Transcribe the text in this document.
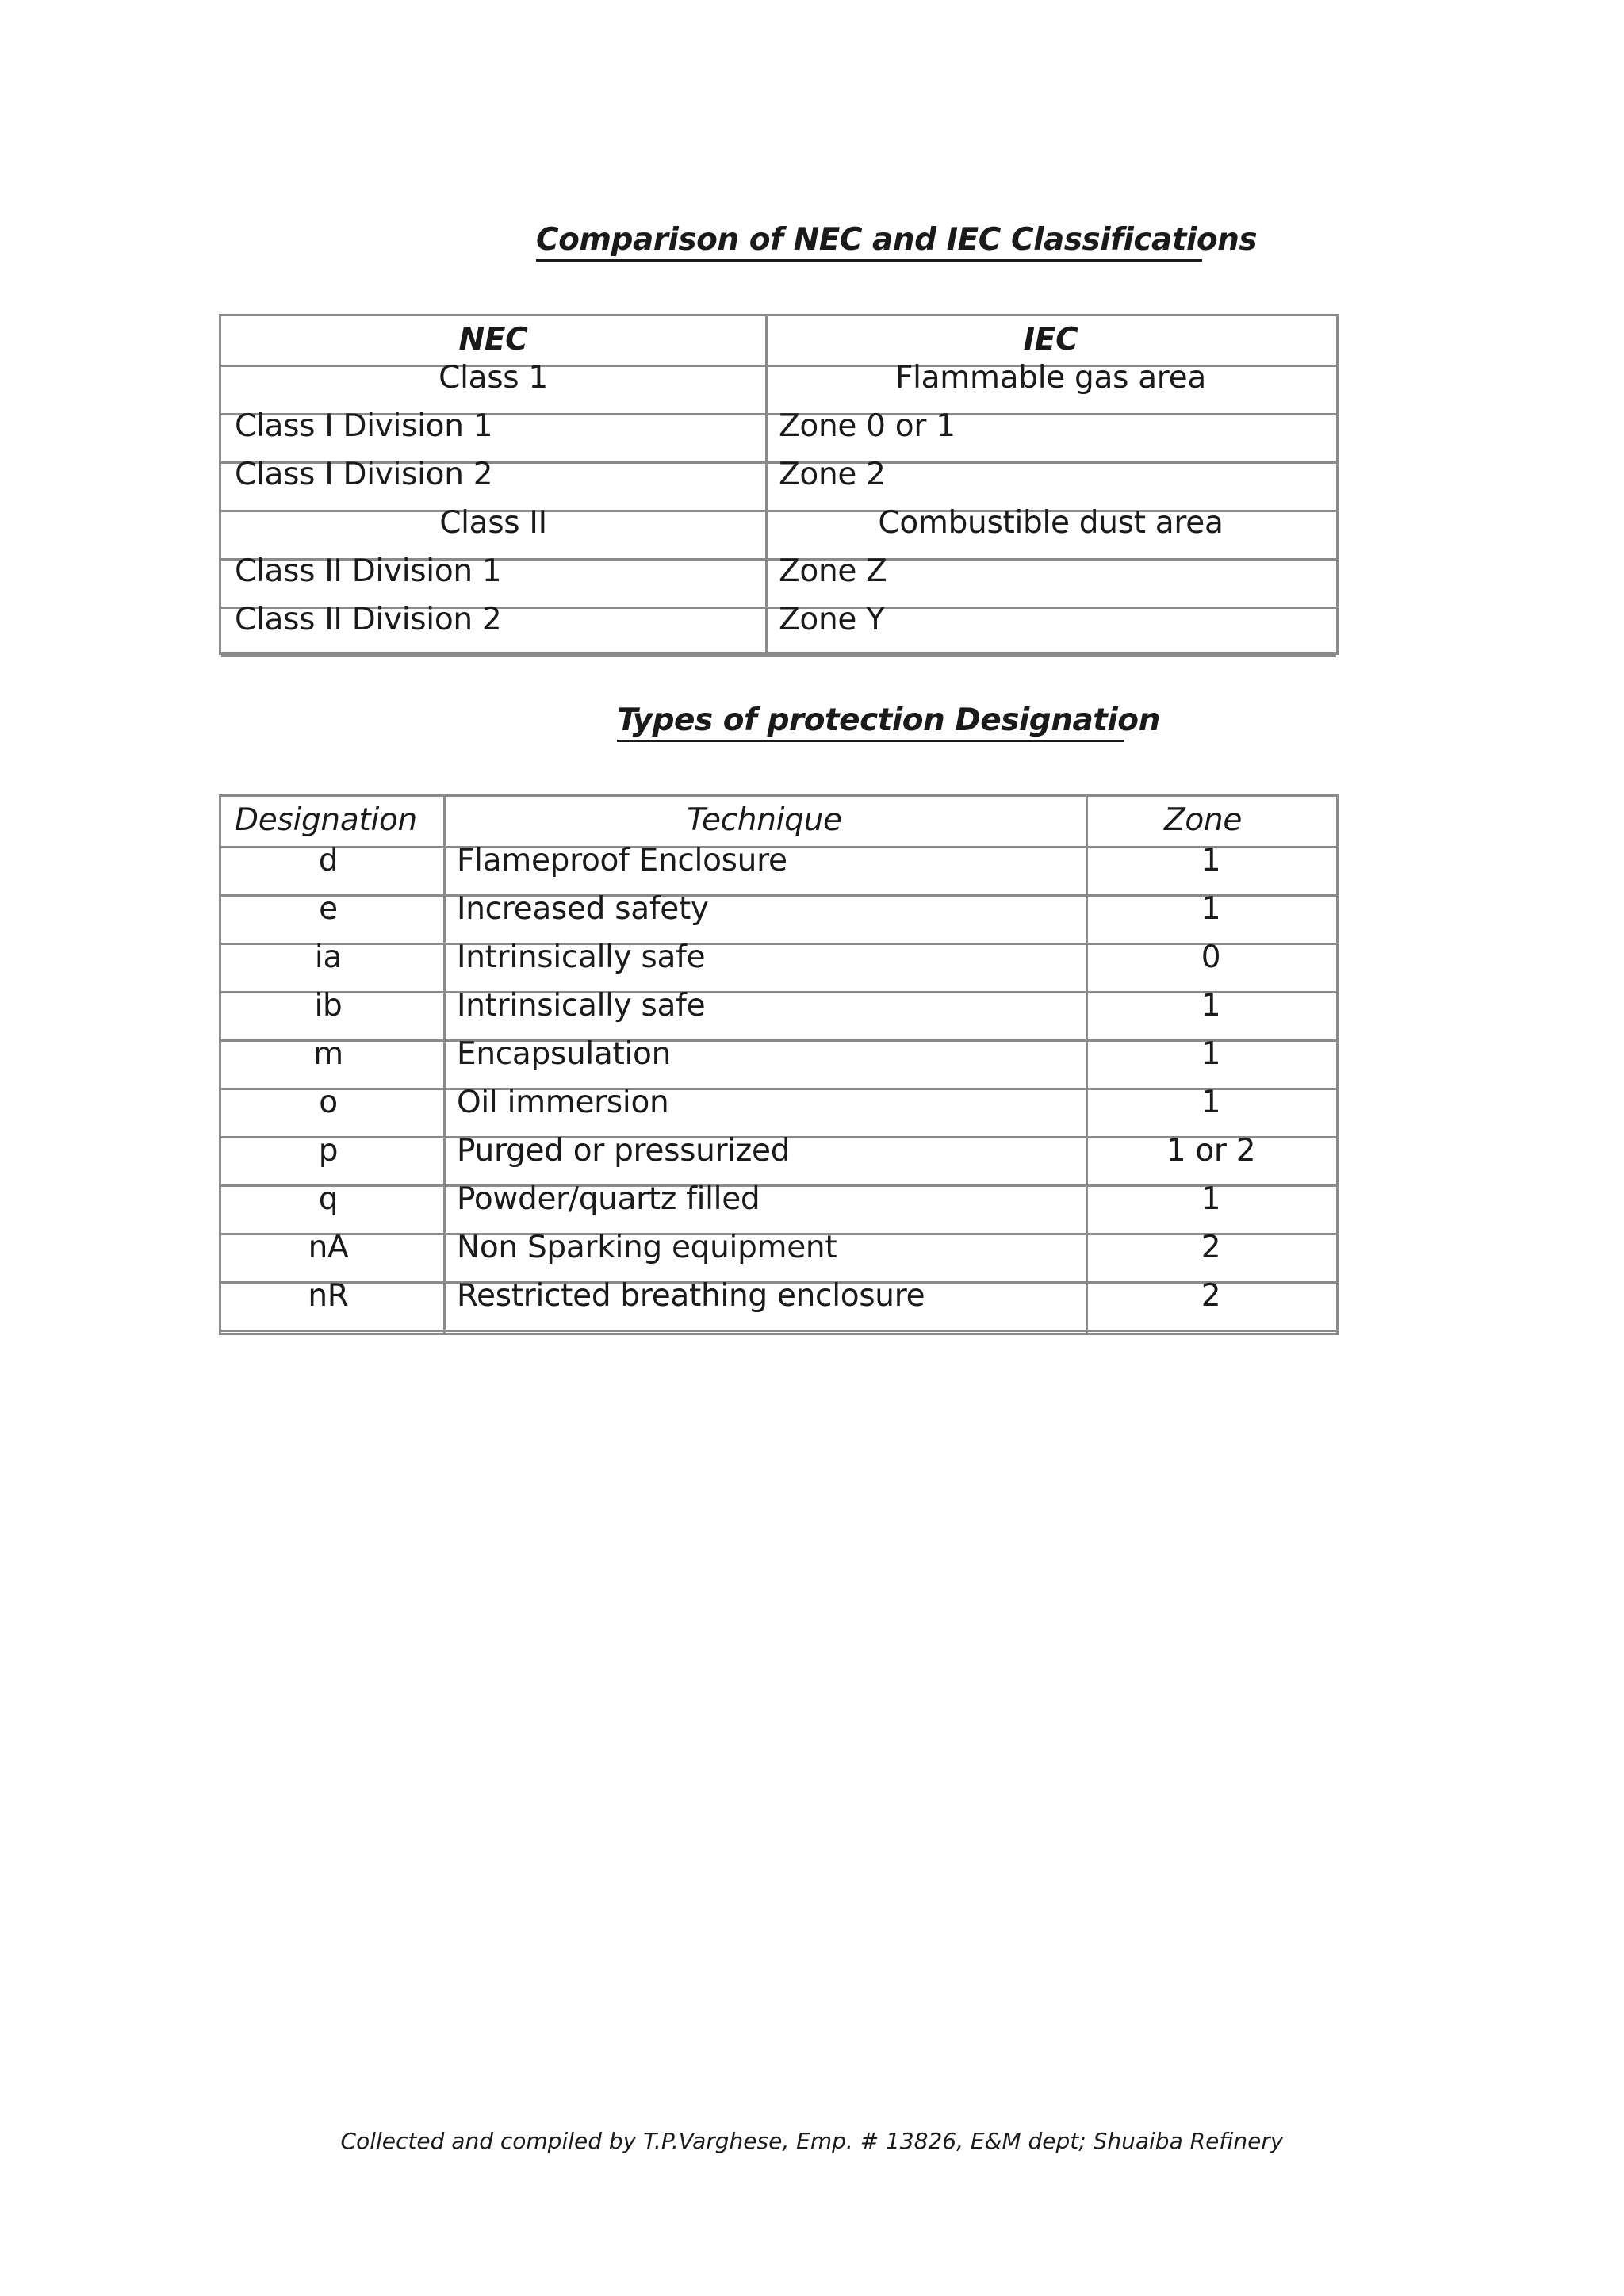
Comparison of NEC and IEC Classifications
NEC	IEC
Class 1	Flammable gas area
Class I Division 1	Zone 0 or 1
Class I Division 2	Zone 2
Class II	Combustible dust area
Class II Division 1	Zone Z
Class II Division 2	Zone Y
Types of protection Designation
Designation	Technique	Zone
d	Flameproof Enclosure	1
e	Increased safety	1
ia	Intrinsically safe	0
ib	Intrinsically safe	1
m	Encapsulation	1
o	Oil immersion	1
p	Purged or pressurized	1 or 2
q	Powder/quartz filled	1
nA	Non Sparking equipment	2
nR	Restricted breathing enclosure	2
Collected and compiled by T.P.Varghese, Emp. # 13826, E&M dept; Shuaiba Refinery
